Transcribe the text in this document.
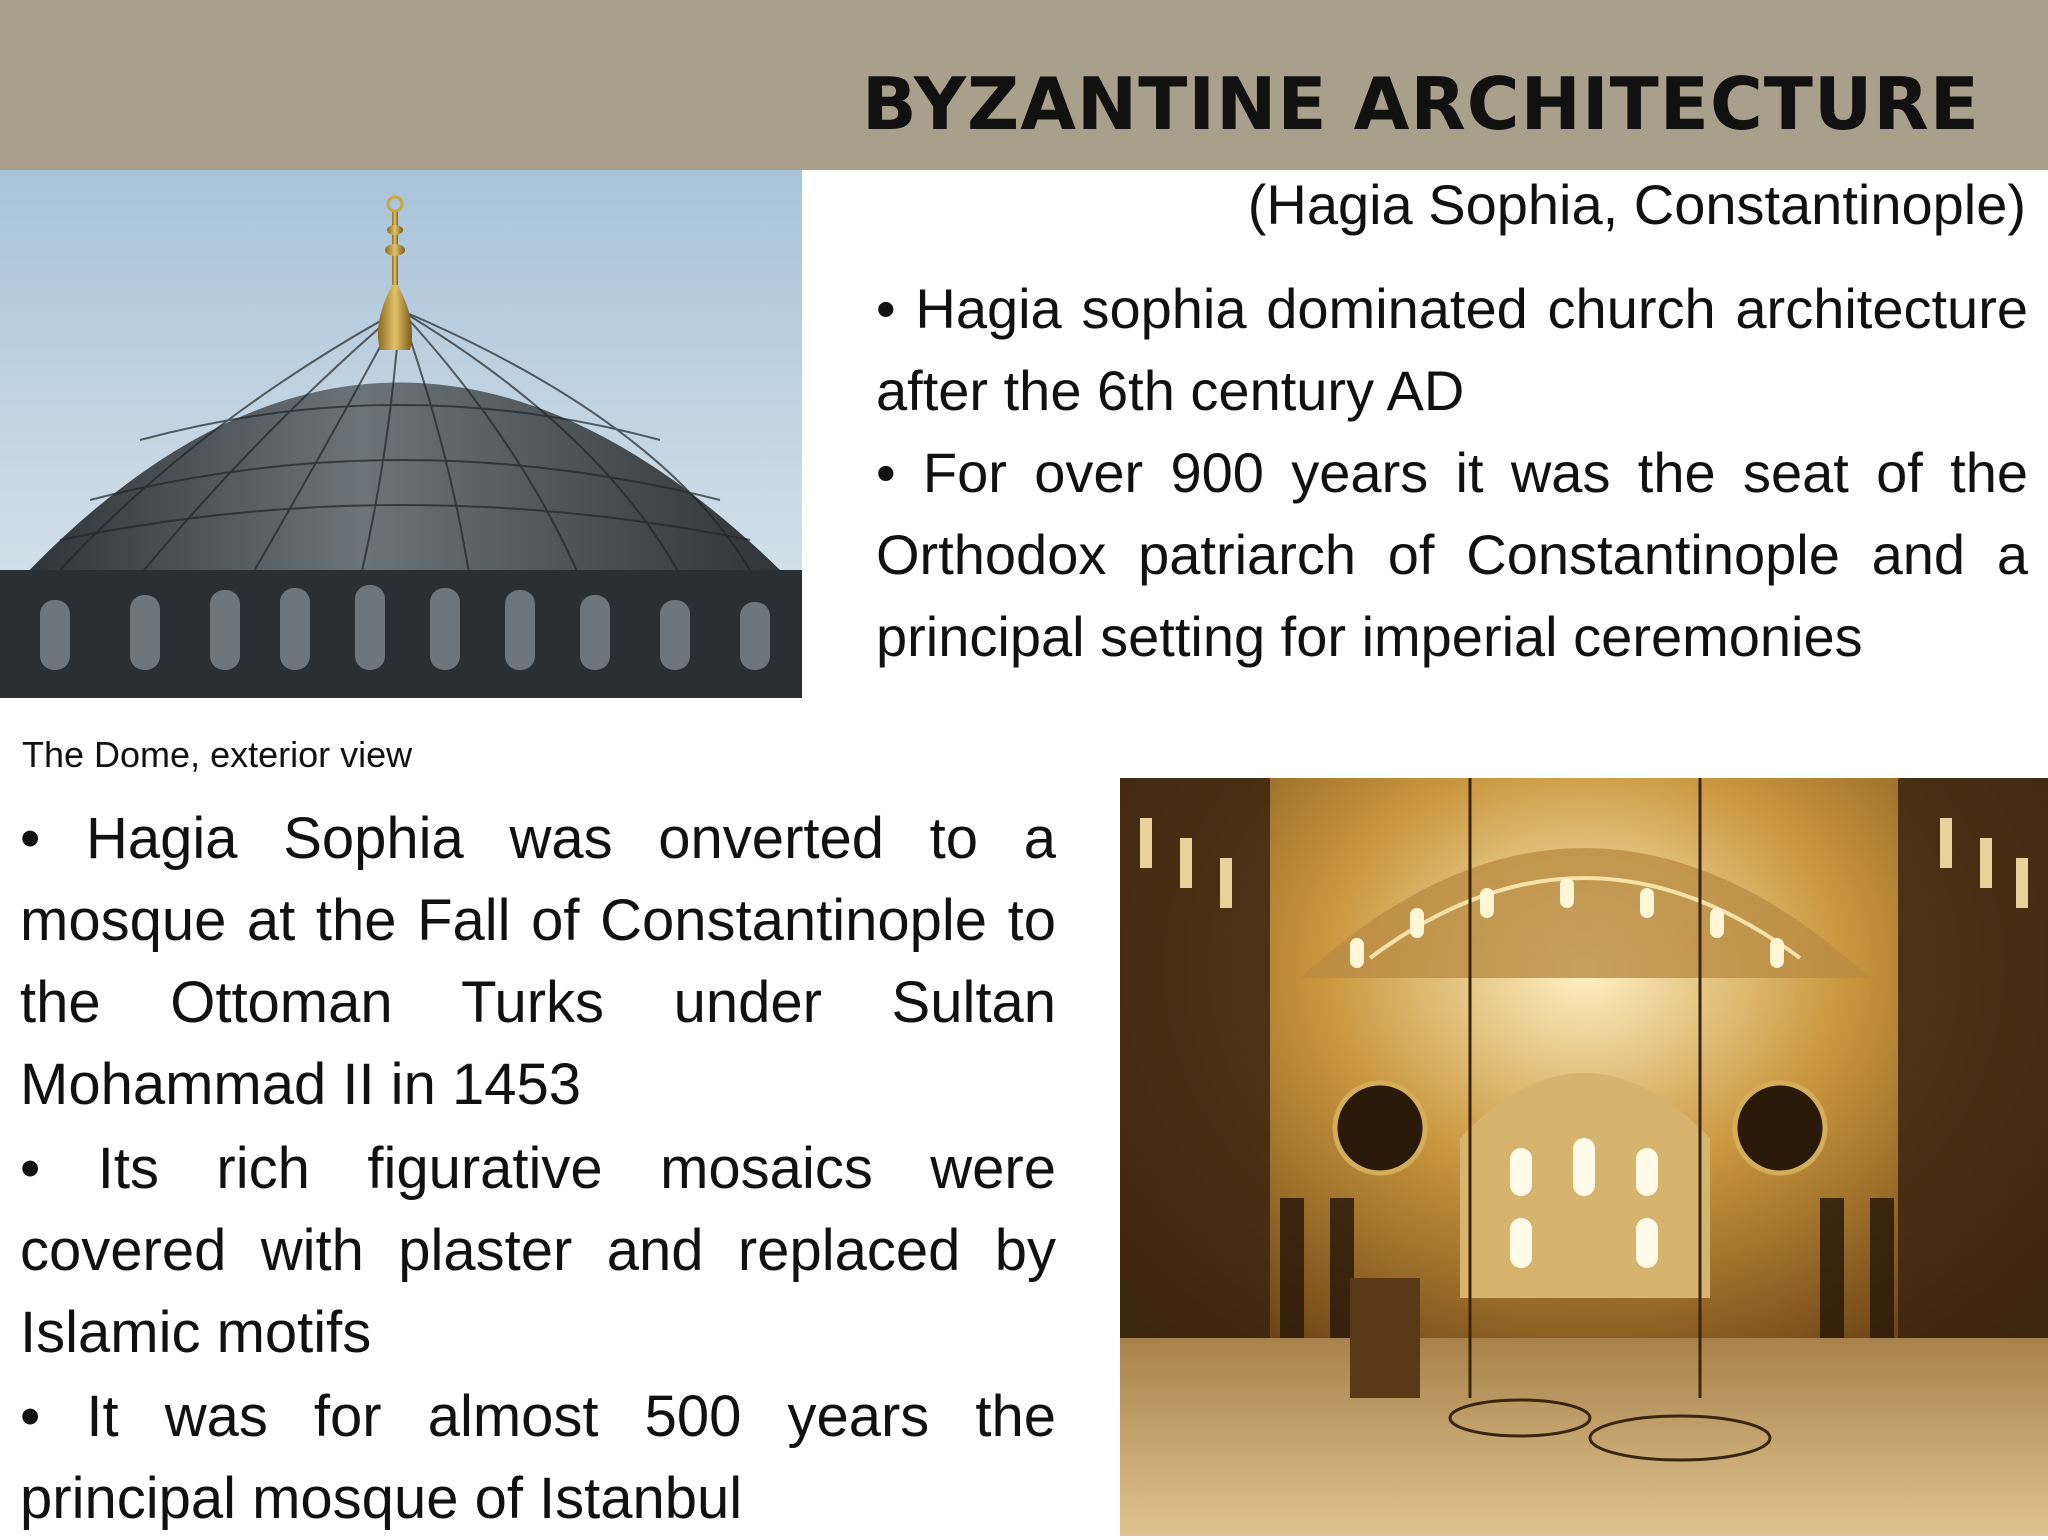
BYZANTINE ARCHITECTURE
(Hagia Sophia, Constantinople)
The Dome, exterior view
• Hagia sophia dominated church architecture after the 6th century AD
• For over 900 years it was the seat of the Orthodox patriarch of Constantinople and a principal setting for imperial ceremonies
• Hagia Sophia was onverted to a mosque at the Fall of Constantinople to the Ottoman Turks under Sultan Mohammad II in 1453
• Its rich figurative mosaics were covered with plaster and replaced by Islamic motifs
• It was for almost 500 years the principal mosque of Istanbul
